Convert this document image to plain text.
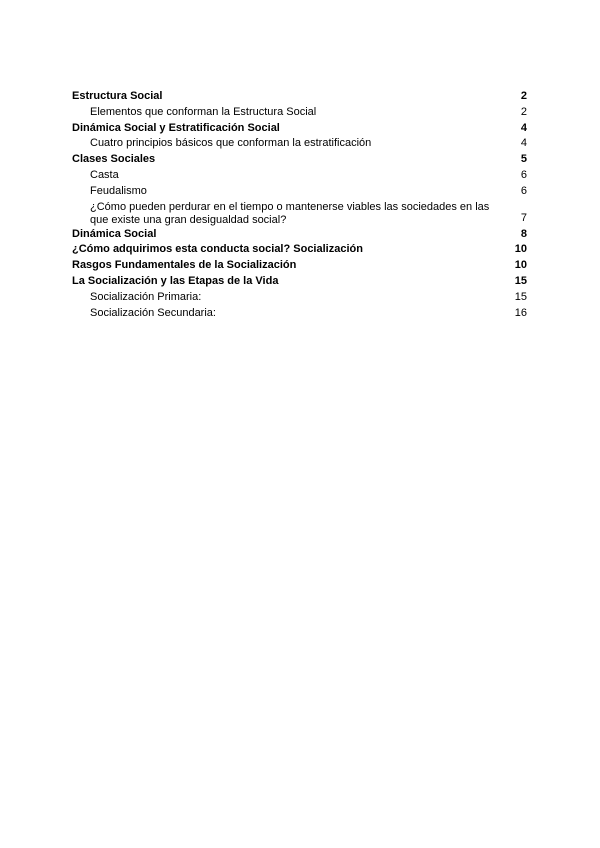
Estructura Social	2
Elementos que conforman la Estructura Social	2
Dinámica Social y Estratificación Social	4
Cuatro principios básicos que conforman la estratificación	4
Clases Sociales	5
Casta	6
Feudalismo	6
¿Cómo pueden perdurar en el tiempo o mantenerse viables las sociedades en las que existe una gran desigualdad social?	7
Dinámica Social	8
¿Cómo adquirimos esta conducta social? Socialización	10
Rasgos Fundamentales de la Socialización	10
La Socialización y las Etapas de la Vida	15
Socialización Primaria:	15
Socialización Secundaria:	16
